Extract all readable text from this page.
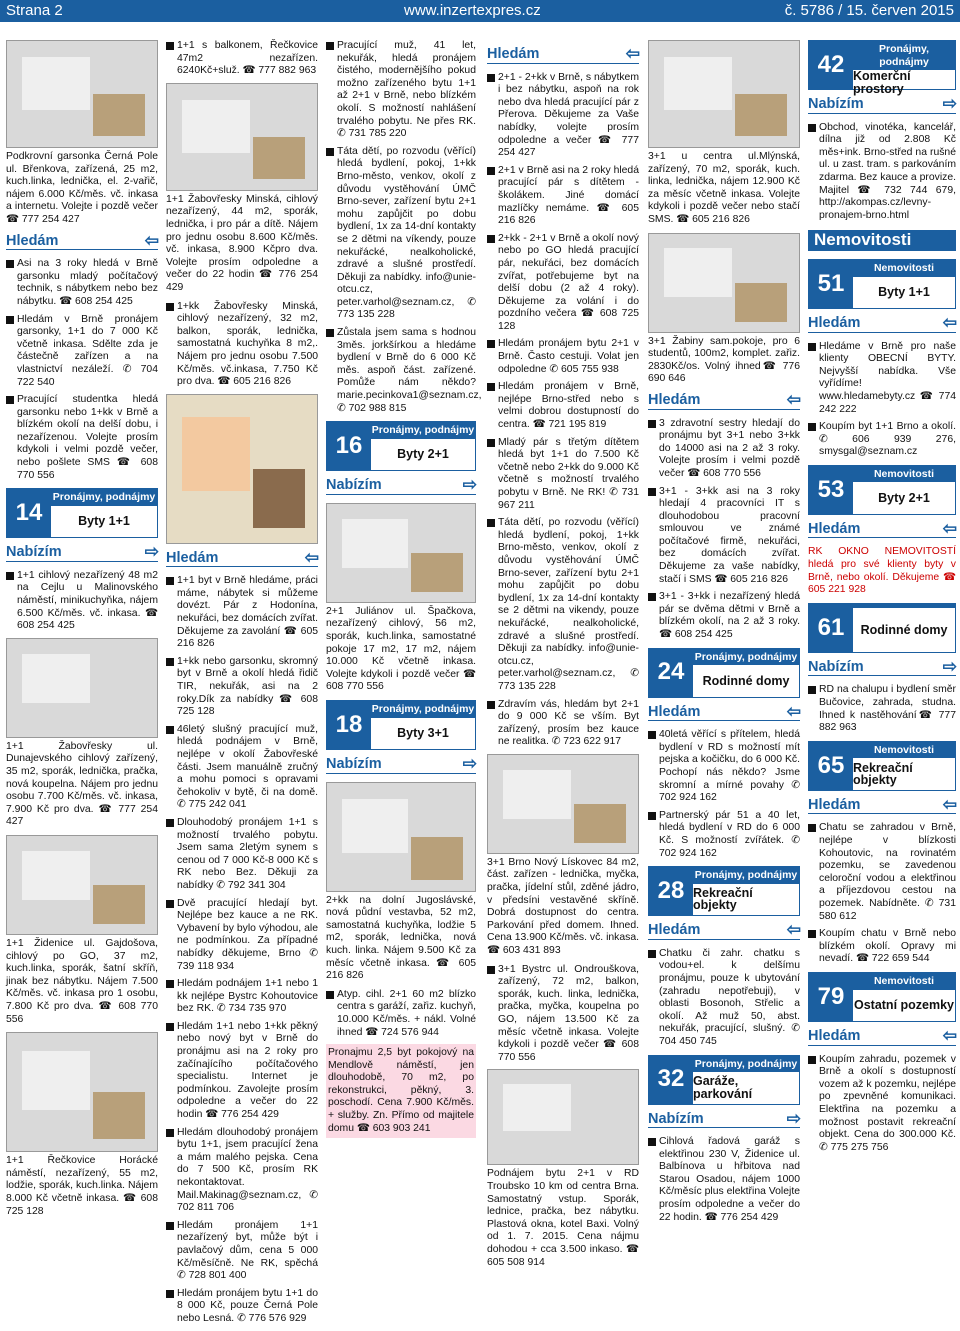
Strana 2	www.inzertexpres.cz	č. 5786 / 15. červen 2015
Podkrovní garsonka Černá Pole ul. Břenkova, zařízená, 25 m2, kuch.linka, lednička, el. 2-vařič, nájem 6.000 Kč/měs. vč. inkasa a internetu. Volejte i pozdě večer ☎ 777 254 427
Hledám	⇦

Asi na 3 roky hledá v Brně garsonku mladý počítačový technik, s nábytkem nebo bez nábytku. ☎ 608 254 425

Hledám v Brně pronájem garsonky, 1+1 do 7 000 Kč včetně inkasa. Sdělte zda je částečně zařízen a na vlastnictví nezáleží. ✆ 704 722 540

Pracující studentka hledá garsonku nebo 1+kk v Brně a blízkém okolí na delší dobu, i nezařízenou. Volejte prosím kdykoli i velmi pozdě večer, nebo pošlete SMS ☎ 608 770 556

14
Pronájmy, podnájmy
Byty 1+1
Nabízím	⇨

1+1 cihlový nezařízený 48 m2 na Cejlu u Malinovského náměstí, minikuchyňka, nájem 6.500 Kč/měs. vč. inkasa. ☎ 608 254 425

1+1 Žabovřesky ul. Dunajevského cihlový zařízený, 35 m2, sporák, lednička, pračka, nová koupelna. Nájem pro jednu osobu 7.700 Kč/měs. vč. inkasa, 7.900 Kč pro dva. ☎ 777 254 427
1+1 Židenice ul. Gajdošova, cihlový po GO, 37 m2, kuch.linka, sporák, šatní skříň, jinak bez nábytku. Nájem 7.500 Kč/měs. vč. inkasa pro 1 osobu, 7.800 Kč pro dva. ☎ 608 770 556
1+1 Řečkovice Horácké náměstí, nezařízený, 55 m2, lodžie, sporák, kuch.linka. Nájem 8.000 Kč včetně inkasa. ☎ 608 725 128

1+1 s balkonem, Řečkovice 47m2 nezařízen. 6240Kč+služ. ☎ 777 882 963

1+1 Žabovřesky Minská, cihlový nezařízený, 44 m2, sporák, lednička, i pro pár a dítě. Nájem pro jednu osobu 8.600 Kč/měs. vč. inkasa, 8.900 Kčpro dva. Volejte prosím odpoledne a večer do 22 hodin ☎ 776 254 429

1+kk Žabovřesky Minská, cihlový nezařízený, 32 m2, balkon, sporák, lednička, samostatná kuchyňka 8 m2,. Nájem pro jednu osobu 7.500 Kč/měs. vč.inkasa, 7.750 Kč pro dva. ☎ 605 216 826

Hledám	⇦

1+1 byt v Brně hledáme, práci máme, nábytek si můžeme dovézt. Pár z Hodonína, nekuřáci, bez domácích zvířat. Děkujeme za zavolání ☎ 605 216 826

1+kk nebo garsonku, skromný byt v Brně a okolí hledá řidič TIR, nekuřák, asi na 2 roky.Dík za nabídky ☎ 608 725 128

46letý slušný pracující muž, hledá podnájem v Brně, nejlépe v okolí Žabovřeské části. Jsem manuálně zručný a mohu pomoci s opravami čehokoliv v bytě, či na domě. ✆ 775 242 041

Dlouhodobý pronájem 1+1 s možností trvalého pobytu. Jsem sama 2letým synem s cenou od 7 000 Kč-8 000 Kč s RK nebo Bez. Děkuji za nabídky ✆ 792 341 304

Dvě pracující hledají byt. Nejlépe bez kauce a ne RK. Vybavení by bylo výhodou, ale ne podmínkou. Za případné nabídky děkujeme, Brno ✆ 739 118 934

Hledám podnájem 1+1 nebo 1 kk nejlépe Bystrc Kohoutovice bez RK. ✆ 734 735 970

Hledám 1+1 nebo 1+kk pěkný nebo nový byt v Brně do pronájmu asi na 2 roky pro začínajícího počítačového specialistu. Internet je podmínkou. Zavolejte prosím odpoledne a večer do 22 hodin ☎ 776 254 429

Hledám dlouhodobý pronájem bytu 1+1, jsem pracující žena a mám malého pejska. Cena do 7 500 Kč, prosím RK nekontaktovat. Mail.Makinag@seznam.cz, ✆ 702 811 706

Hledám pronájem 1+1 nezařízený byt, může být i pavlačový dům, cena 5 000 Kč/měsíčně. Ne RK, spěchá ✆ 728 801 400

Hledám pronájem bytu 1+1 do 8 000 Kč, pouze Černá Pole nebo Lesná. ✆ 776 576 929

Pracující muž, 41 let, nekuřák, hledá pronájem čistého, modernějšího pokud možno zařízeného bytu 1+1 až 2+1 v Brně, nebo blízkém okolí. S možností nahlášení trvalého pobytu. Ne přes RK. ✆ 731 785 220

Táta dětí, po rozvodu (věřící) hledá bydlení, pokoj, 1+kk Brno-město, venkov, okolí z důvodu vystěhování ÚMČ Brno-sever, zařízení bytu 2+1 mohu zapůjčit po dobu bydlení, 1x za 14-dní kontakty se 2 dětmi na víkendy, pouze nekuřácké, nealkoholické, zdravé a slušné prostředí. Děkuji za nabídky. info@unie-otcu.cz, peter.varhol@seznam.cz, ✆ 773 135 228

Zůstala jsem sama s hodnou 3měs. jorkšírkou a hledáme bydlení v Brně do 6 000 Kč měs. aspoň část. zařízené. Pomůže nám někdo? marie.pecinkova1@seznam.cz, ✆ 702 988 815

16
Pronájmy, podnájmy
Byty 2+1
Nabízím	⇨
2+1 Juliánov ul. Špačkova, nezařízený cihlový, 56 m2, sporák, kuch.linka, samostatné pokoje 17 m2, 17 m2, nájem 10.000 Kč včetně inkasa. Volejte kdykoli i pozdě večer ☎ 608 770 556
18
Pronájmy, podnájmy
Byty 3+1
Nabízím	⇨
2+kk na dolní Jugoslávské, nová půdní vestavba, 52 m2, samostatná kuchyňka, lodžie 5 m2, sporák, lednička, nová kuch. linka. Nájem 9.500 Kč za měsíc včetně inkasa. ☎ 605 216 826

Atyp. cihl. 2+1 60 m2 blízko centra s garáží, zařiz. kuchyň, 10.000 Kč/měs. + nákl. Volné ihned ☎ 724 576 944

Pronajmu 2,5 byt pokojový na Mendlově náměstí, jen dlouhodobě, 70 m2, po rekonstrukci, pěkný, 3. poschodí. Cena 7.900 Kč/měs. + služby. Zn. Přímo od majitele domu ☎ 603 903 241
Hledám	⇦

2+1 - 2+kk v Brně, s nábytkem i bez nábytku, aspoň na rok nebo dva hledá pracující pár z Přerova. Děkujeme za Vaše nabídky, volejte prosím odpoledne a večer ☎ 777 254 427

2+1 v Brně asi na 2 roky hledá pracující pár s dítětem - školákem. Jiné domácí mazlíčky nemáme. ☎ 605 216 826

2+kk - 2+1 v Brně a okolí nový nebo po GO hledá pracující pár, nekuřáci, bez domácích zvířat, potřebujeme byt na delší dobu (2 až 4 roky). Děkujeme za volání i do pozdního večera ☎ 608 725 128

Hledám pronájem bytu 2+1 v Brně. Často cestuji. Volat jen odpoledne ✆ 605 755 938

Hledám pronájem v Brně, nejlépe Brno-střed nebo s velmi dobrou dostupností do centra. ☎ 721 195 819

Mladý pár s třetým dítětem hledá byt 1+1 do 7.500 Kč včetně nebo 2+kk do 9.000 Kč včetně s možností trvalého pobytu v Brně. Ne RK! ✆ 731 967 211

Táta dětí, po rozvodu (věřící) hledá bydlení, pokoj, 1+kk Brno-město, venkov, okolí z důvodu vystěhování ÚMČ Brno-sever, zařízení bytu 2+1 mohu zapůjčit po dobu bydlení, 1x za 14-dní kontakty se 2 dětmi na vikendy, pouze nekuřácké, nealkoholické, zdravé a slušné prostředí. Děkuji za nabídky. info@unie-otcu.cz, peter.varhol@seznam.cz, ✆ 773 135 228

Zdravím vás, hledám byt 2+1 do 9 000 Kč se vším. Byt zařízený, prosím bez kauce ne realitka. ✆ 723 622 917

3+1 Brno Nový Lískovec 84 m2, část. zařízen - lednička, myčka, pračka, jídelní stůl, zděné jádro, v předsíni vestavěné skříně. Dobrá dostupnost do centra. Parkování před domem. Ihned. Cena 13.900 Kč/měs. vč. inkasa. ☎ 603 431 893

3+1 Bystrc ul. Ondrouškova, zařízený, 72 m2, balkon, sporák, kuch. linka, lednička, pračka, myčka, koupelna po GO, nájem 13.500 Kč za měsíc včetně inkasa. Volejte kdykoli i pozdě večer ☎ 608 770 556

Podnájem bytu 2+1 v RD Troubsko 10 km od centra Brna. Samostatný vstup. Sporák, lednice, pračka, bez nábytku. Plastová okna, kotel Baxi. Volný od 1. 7. 2015. Cena nájmu dohodou + cca 3.500 inkaso. ☎ 605 508 914
3+1 u centra ul.Mlýnská, zařízený, 70 m2, sporák, kuch. linka, lednička, nájem 12.900 Kč za měsíc včetně inkasa. Volejte kdykoli i pozdě večer nebo stačí SMS. ☎ 605 216 826
3+1 Žabiny sam.pokoje, pro 6 studentů, 100m2, komplet. zařiz. 2830Kč/os. Volný ihned☎ 776 690 646
Hledám	⇦

3 zdravotní sestry hledají do pronájmu byt 3+1 nebo 3+kk do 14000 asi na 2 až 3 roky. Volejte prosím i velmi pozdě večer ☎ 608 770 556

3+1 - 3+kk asi na 3 roky hledají 4 pracovníci IT s dlouhodobou pracovní smlouvou ve známé počítačové firmě, nekuřáci, bez domácích zvířat. Děkujeme za vaše nabídky, stačí i SMS ☎ 605 216 826

3+1 - 3+kk i nezařízený hledá pár se dvěma dětmi v Brně a blízkém okolí, na 2 až 3 roky. ☎ 608 254 425

24
Pronájmy, podnájmy
Rodinné domy
Hledám	⇦

40letá věřící s přítelem, hledá bydlení v RD s možností mít pejska a kočičku, do 6 000 Kč. Pochopí nás někdo? Jsme skromní a mírné povahy ✆ 702 924 162

Partnerský pár 51 a 40 let, hledá bydlení v RD do 6 000 Kč. S možností zvířátek. ✆ 702 924 162

28
Pronájmy, podnájmy
Rekreační objekty
Hledám	⇦

Chatku či zahr. chatku s vodou+el. k delšímu pronájmu, pouze k ubytování (zahradu nepotřebuji), v oblasti Bosonoh, Střelic a okolí. Až muž 50, abst. nekuřák, pracující, slušný. ✆ 704 450 745

32
Pronájmy, podnájmy
Garáže, parkování
Nabízím	⇨

Cihlová řadová garáž s elektřinou 230 V, Židenice ul. Balbínova u hřbitova nad Starou Osadou, nájem 1000 Kč/měsíc plus elektřina Volejte prosím odpoledne a večer do 22 hodin. ☎ 776 254 429

42
Pronájmy, podnájmy
Komerční prostory
Nabízím	⇨

Obchod, vinotéka, kancelář, dílna již od 2.808 Kč měs+ink. Brno-střed na rušné ul. u zast. tram. s parkováním zdarma. Bez kauce a provize. Majitel ☎ 732 744 679, http://akompas.cz/levny-pronajem-brno.html

Nemovitosti
51
Nemovitosti
Byty 1+1
Hledám	⇦

Hledáme v Brně pro naše klienty OBECNÍ BYTY. Nejvyšší nabídka. Vše vyřídíme! www.hledamebyty.cz ☎ 774 242 222

Koupím byt 1+1 Brno a okolí. ✆ 606 939 276, smysgal@seznam.cz

53
Nemovitosti
Byty 2+1
Hledám	⇦

RK OKNO NEMOVITOSTÍ hledá pro své klienty byty v Brně, nebo okolí. Děkujeme ☎ 605 221 928

61	Rodinné domy
Nabízím	⇨

RD na chalupu i bydlení směr Bučovice, zahrada, studna. Ihned k nastěhování☎ 777 882 963

65
Nemovitosti
Rekreační objekty
Hledám	⇦

Chatu se zahradou v Brně, nejlépe v blízkosti Kohoutovic, na rovinatém pozemku, se zavedenou celoroční vodou a elektřinou a příjezdovou cestou na pozemek. Nabídněte. ✆ 731 580 612

Koupím chatu v Brně nebo blízkém okolí. Opravy mi nevadí. ☎ 722 659 544

79
Nemovitosti
Ostatní pozemky
Hledám	⇦

Koupím zahradu, pozemek v Brně a okolí s dostupností vozem až k pozemku, nejlépe po zpevněné komunikaci. Elektřina na pozemku a možnost postavit rekreační objekt. Cena do 300.000 Kč. ✆ 775 275 756
